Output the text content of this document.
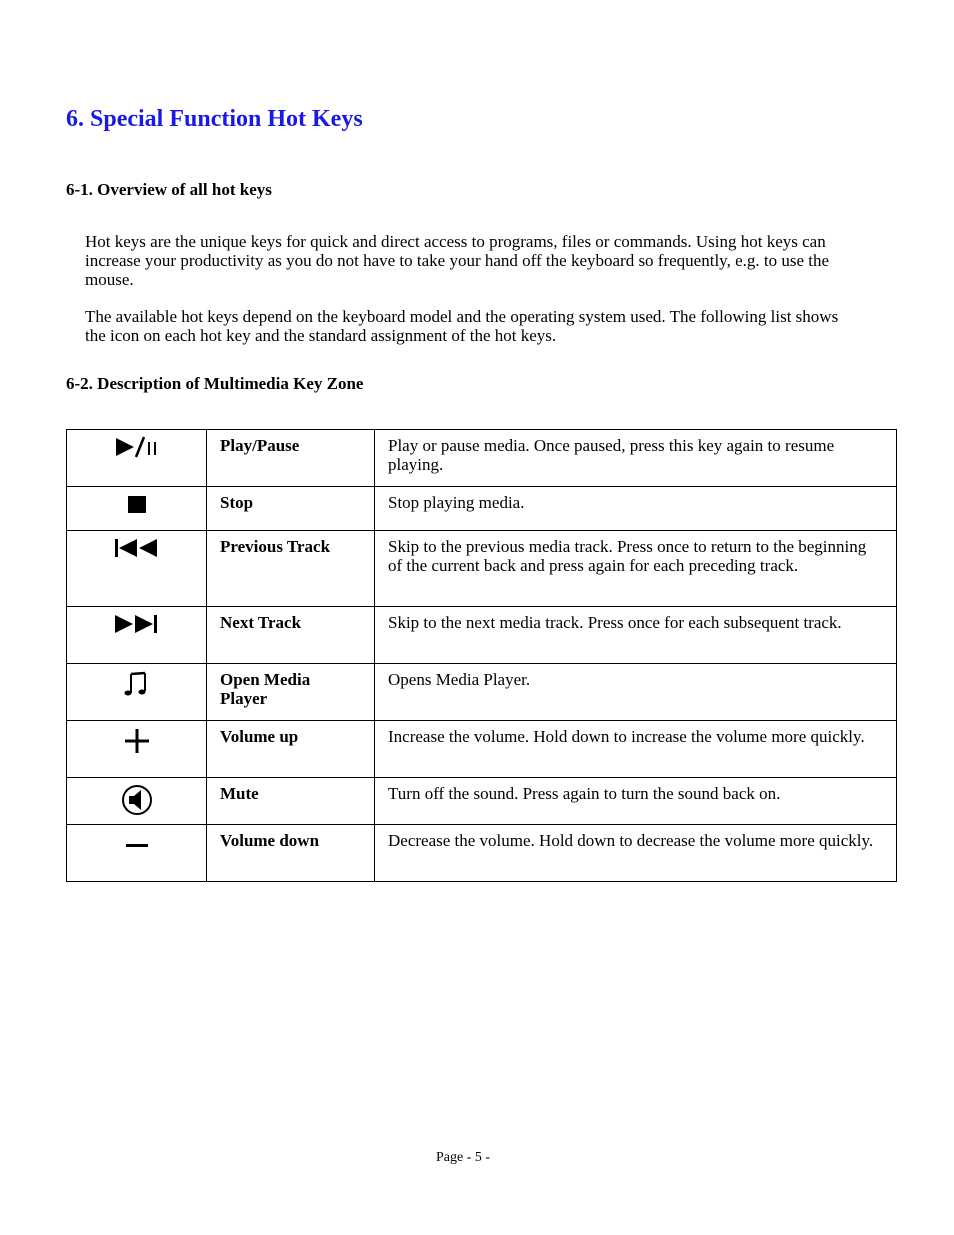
6. Special Function Hot Keys
6-1. Overview of all hot keys

Hot keys are the unique keys for quick and direct access to programs, files or commands. Using hot keys can increase your productivity as you do not have to take your hand off the keyboard so frequently, e.g. to use the mouse.

The available hot keys depend on the keyboard model and the operating system used. The following list shows the icon on each hot key and the standard assignment of the hot keys.

6-2. Description of Multimedia Key Zone
	Play/Pause	Play or pause media. Once paused, press this key again to resume playing.
	Stop	Stop playing media.
	Previous Track	Skip to the previous media track. Press once to return to the beginning of the current back and press again for each preceding track.
	Next Track	Skip to the next media track. Press once for each subsequent track.
	Open Media Player	Opens Media Player.
	Volume up	Increase the volume. Hold down to increase the volume more quickly.
	Mute	Turn off the sound. Press again to turn the sound back on.
	Volume down	Decrease the volume. Hold down to decrease the volume more quickly.
Page - 5 -
